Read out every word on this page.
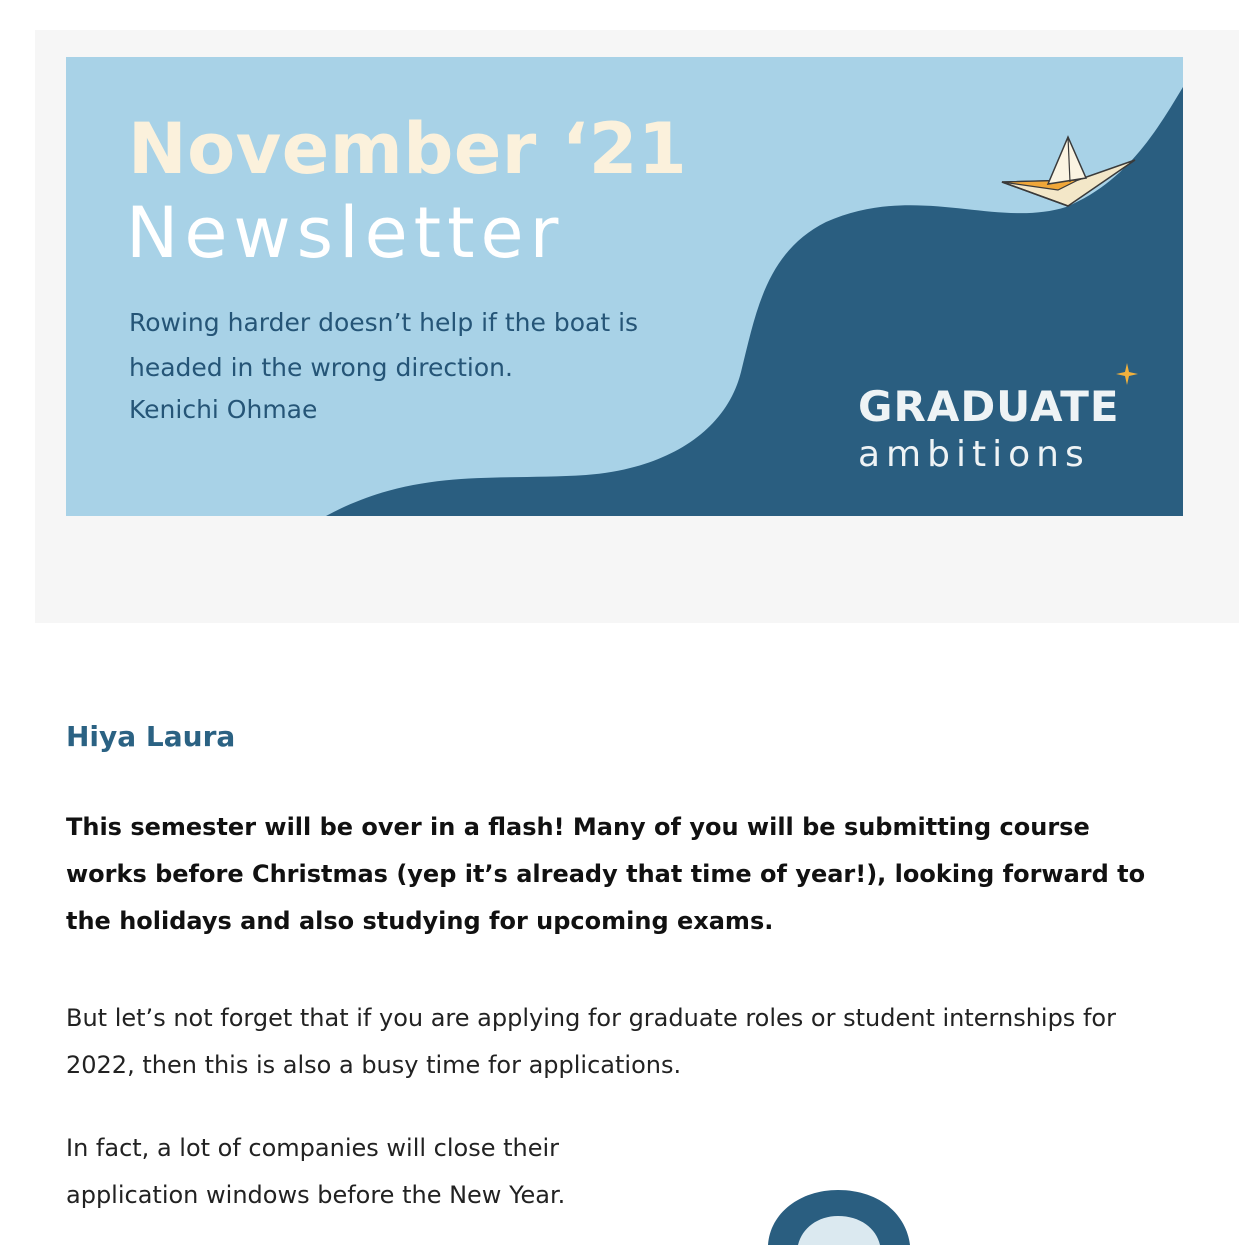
November ‘21
Newsletter

Rowing harder doesn’t help if the boat is headed in the wrong direction.

Kenichi Ohmae	GRADUATE
ambitions
Hiya Laura

This semester will be over in a flash! Many of you will be submitting course works before Christmas (yep it’s already that time of year!), looking forward to the holidays and also studying for upcoming exams.

But let’s not forget that if you are applying for graduate roles or student internships for 2022, then this is also a busy time for applications.

In fact, a lot of companies will close their application windows before the New Year.
